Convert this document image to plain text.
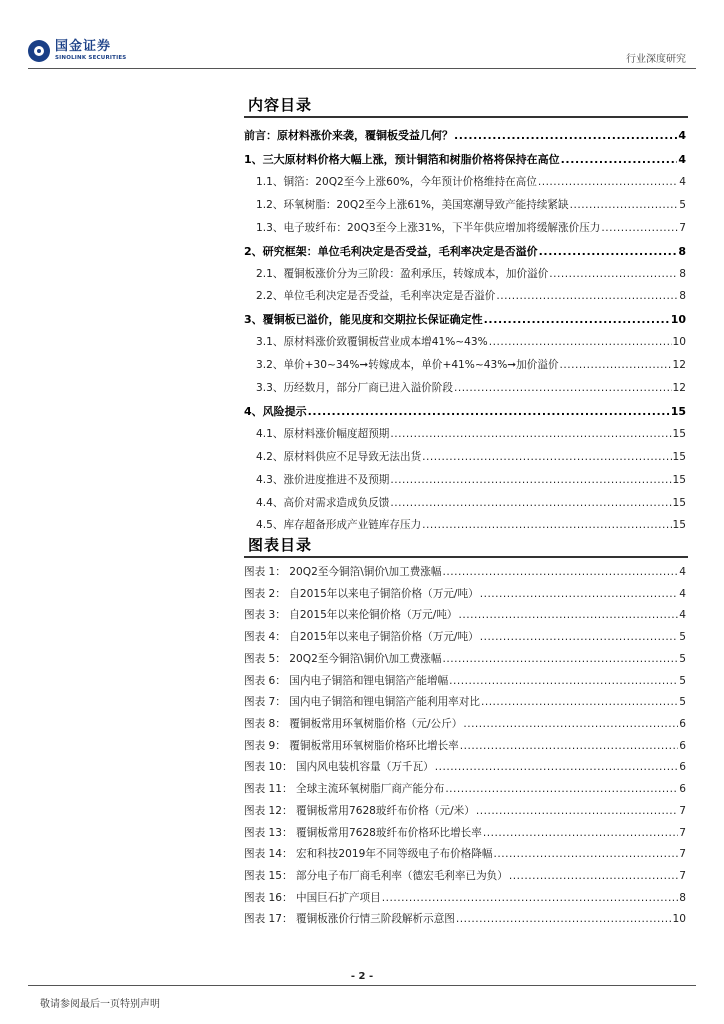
国金证券
SINOLINK SECURITIES	行业深度研究
内容目录
前言：原材料涨价来袭，覆铜板受益几何？ .....	4
1、三大原材料价格大幅上涨，预计铜箔和树脂价格将保持在高位 .....	4
1.1、铜箔：20Q2至今上涨60%，今年预计价格维持在高位 .....	4
1.2、环氧树脂：20Q2至今上涨61%，美国寒潮导致产能持续紧缺 .....	5
1.3、电子玻纤布：20Q3至今上涨31%，下半年供应增加将缓解涨价压力 .....	7
2、研究框架：单位毛利决定是否受益，毛利率决定是否溢价 .....	8
2.1、覆铜板涨价分为三阶段：盈利承压，转嫁成本，加价溢价 .....	8
2.2、单位毛利决定是否受益，毛利率决定是否溢价 .....	8
3、覆铜板已溢价，能见度和交期拉长保证确定性 .....	10
3.1、原材料涨价致覆铜板营业成本增41%~43% .....	10
3.2、单价+30~34%➞转嫁成本，单价+41%~43%➞加价溢价 .....	12
3.3、历经数月，部分厂商已进入溢价阶段 .....	12
4、风险提示 .....	15
4.1、原材料涨价幅度超预期 .....	15
4.2、原材料供应不足导致无法出货 .....	15
4.3、涨价进度推进不及预期 .....	15
4.4、高价对需求造成负反馈 .....	15
4.5、库存超备形成产业链库存压力 .....	15
图表目录
图表 1： 20Q2至今铜箔\铜价\加工费涨幅 .....	4
图表 2： 自2015年以来电子铜箔价格（万元/吨） .....	4
图表 3： 自2015年以来伦铜价格（万元/吨） .....	4
图表 4： 自2015年以来电子铜箔价格（万元/吨） .....	5
图表 5： 20Q2至今铜箔\铜价\加工费涨幅 .....	5
图表 6： 国内电子铜箔和锂电铜箔产能增幅 .....	5
图表 7： 国内电子铜箔和锂电铜箔产能利用率对比 .....	5
图表 8： 覆铜板常用环氧树脂价格（元/公斤） .....	6
图表 9： 覆铜板常用环氧树脂价格环比增长率 .....	6
图表 10： 国内风电装机容量（万千瓦） .....	6
图表 11： 全球主流环氧树脂厂商产能分布 .....	6
图表 12： 覆铜板常用7628玻纤布价格（元/米） .....	7
图表 13： 覆铜板常用7628玻纤布价格环比增长率 .....	7
图表 14： 宏和科技2019年不同等级电子布价格降幅 .....	7
图表 15： 部分电子布厂商毛利率（德宏毛利率已为负） .....	7
图表 16： 中国巨石扩产项目 .....	8
图表 17： 覆铜板涨价行情三阶段解析示意图 .....	10
- 2 -
敬请参阅最后一页特别声明
